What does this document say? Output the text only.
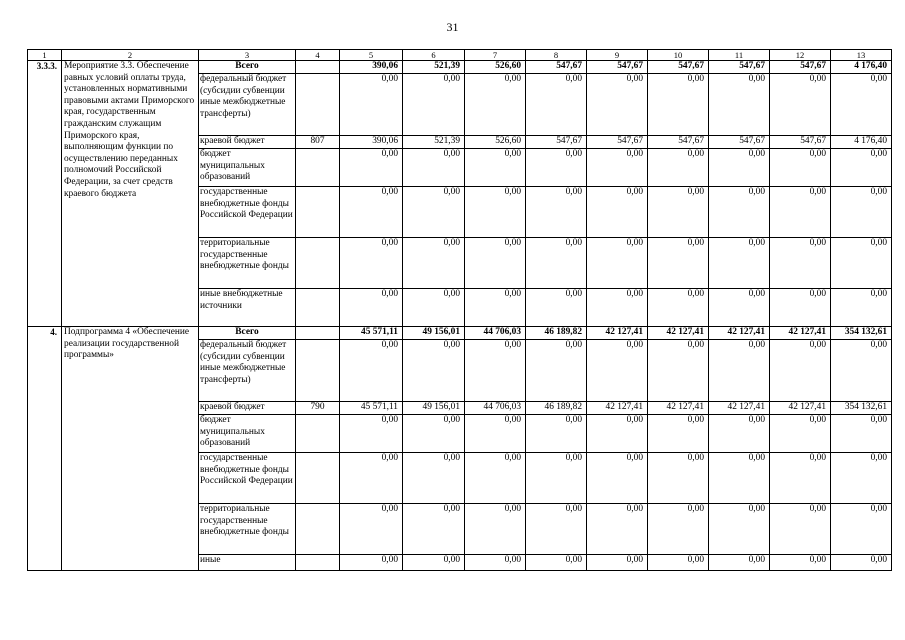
31
1	2	3	4	5	6	7	8	9	10	11	12	13
3.3.3.	Мероприятие 3.3. Обеспечение равных условий оплаты труда, установленных нормативными правовыми актами Приморского края, государственным гражданским служащим Приморского края, выполняющим функции по осуществлению переданных полномочий Российской Федерации, за счет средств краевого бюджета	Всего		390,06	521,39	526,60	547,67	547,67	547,67	547,67	547,67	4 176,40
		федеральный бюджет (субсидии субвенции иные межбюджетные трансферты)		0,00	0,00	0,00	0,00	0,00	0,00	0,00	0,00	0,00
		краевой бюджет	807	390,06	521,39	526,60	547,67	547,67	547,67	547,67	547,67	4 176,40
		бюджет муниципальных образований		0,00	0,00	0,00	0,00	0,00	0,00	0,00	0,00	0,00
		государственные внебюджетные фонды Российской Федерации		0,00	0,00	0,00	0,00	0,00	0,00	0,00	0,00	0,00
		территориальные государственные внебюджетные фонды		0,00	0,00	0,00	0,00	0,00	0,00	0,00	0,00	0,00
		иные внебюджетные источники		0,00	0,00	0,00	0,00	0,00	0,00	0,00	0,00	0,00
4.	Подпрограмма 4 «Обеспечение реализации государственной программы»	Всего		45 571,11	49 156,01	44 706,03	46 189,82	42 127,41	42 127,41	42 127,41	42 127,41	354 132,61
		федеральный бюджет (субсидии субвенции иные межбюджетные трансферты)		0,00	0,00	0,00	0,00	0,00	0,00	0,00	0,00	0,00
		краевой бюджет	790	45 571,11	49 156,01	44 706,03	46 189,82	42 127,41	42 127,41	42 127,41	42 127,41	354 132,61
		бюджет муниципальных образований		0,00	0,00	0,00	0,00	0,00	0,00	0,00	0,00	0,00
		государственные внебюджетные фонды Российской Федерации		0,00	0,00	0,00	0,00	0,00	0,00	0,00	0,00	0,00
		территориальные государственные внебюджетные фонды		0,00	0,00	0,00	0,00	0,00	0,00	0,00	0,00	0,00
		иные		0,00	0,00	0,00	0,00	0,00	0,00	0,00	0,00	0,00
